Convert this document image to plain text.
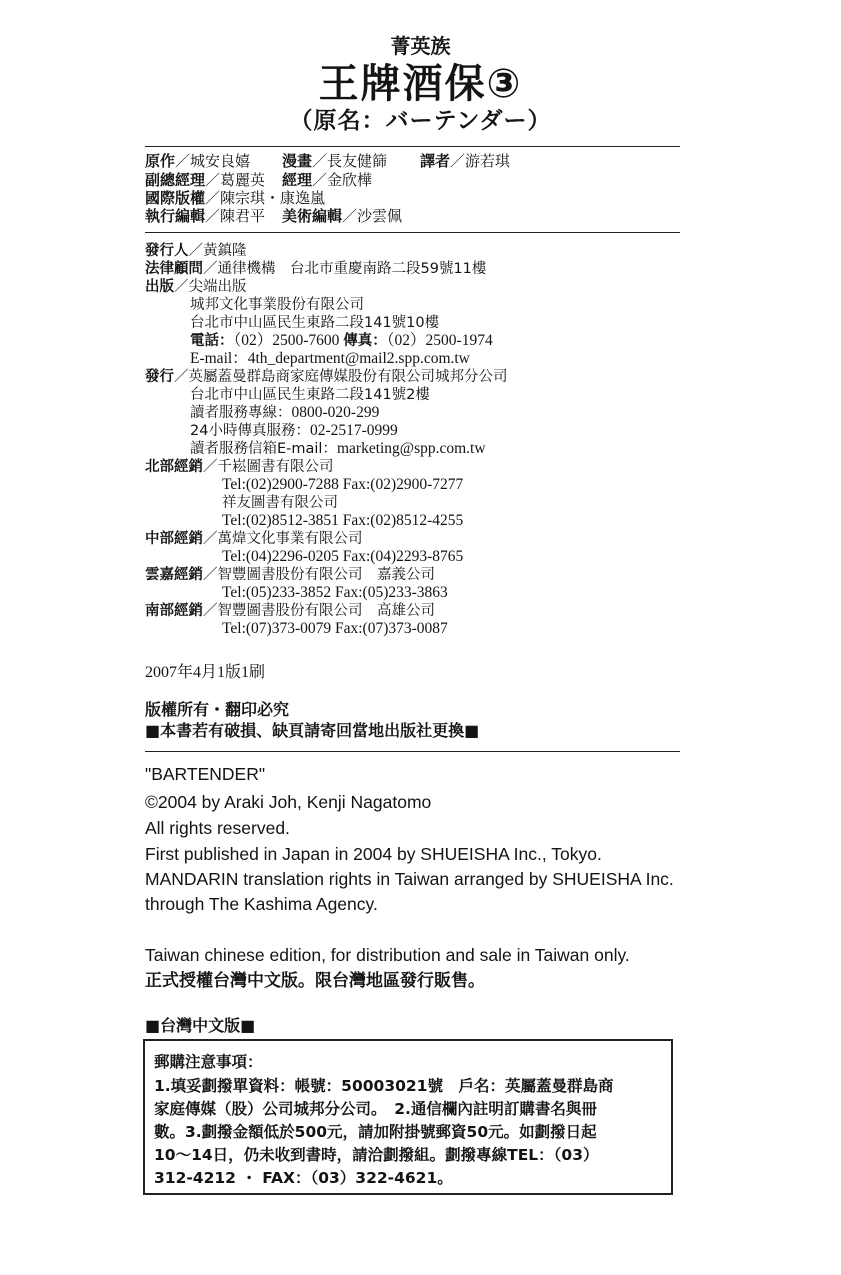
菁英族
王牌酒保③
（原名：バーテンダー）
原作／城安良嬉 漫畫／長友健篩 譯者／游若琪
副總經理／葛麗英 經理／金欣樺
國際版權／陳宗琪・康逸嵐
執行編輯／陳君平 美術編輯／沙雲佩
發行人／黃鎮隆
法律顧問／通律機構　台北市重慶南路二段59號11樓
出版／尖端出版
城邦文化事業股份有限公司
台北市中山區民生東路二段141號10樓
電話：（02）2500-7600 傳真：（02）2500-1974
E-mail：4th_department@mail2.spp.com.tw
發行／英屬蓋曼群島商家庭傳媒股份有限公司城邦分公司
台北市中山區民生東路二段141號2樓
讀者服務專線：0800-020-299
24小時傳真服務：02-2517-0999
讀者服務信箱E-mail：marketing@spp.com.tw
北部經銷／千崧圖書有限公司
Tel:(02)2900-7288 Fax:(02)2900-7277
祥友圖書有限公司
Tel:(02)8512-3851 Fax:(02)8512-4255
中部經銷／萬煒文化事業有限公司
Tel:(04)2296-0205 Fax:(04)2293-8765
雲嘉經銷／智豐圖書股份有限公司　嘉義公司
Tel:(05)233-3852 Fax:(05)233-3863
南部經銷／智豐圖書股份有限公司　高雄公司
Tel:(07)373-0079 Fax:(07)373-0087
2007年4月1版1刷
版權所有・翻印必究
■本書若有破損、缺頁請寄回當地出版社更換■
"BARTENDER"
©2004 by Araki Joh, Kenji Nagatomo
All rights reserved.
First published in Japan in 2004 by SHUEISHA Inc., Tokyo.
MANDARIN translation rights in Taiwan arranged by SHUEISHA Inc.
through The Kashima Agency.
Taiwan chinese edition, for distribution and sale in Taiwan only.
正式授權台灣中文版。限台灣地區發行販售。
■台灣中文版■
郵購注意事項：
1.填妥劃撥單資料：帳號：50003021號　戶名：英屬蓋曼群島商
家庭傳媒（股）公司城邦分公司。　2.通信欄內註明訂購書名與冊
數。3.劃撥金額低於500元，請加附掛號郵資50元。如劃撥日起
10～14日，仍未收到書時，請洽劃撥組。劃撥專線TEL：（03）
312-4212 ・ FAX：（03）322-4621。
